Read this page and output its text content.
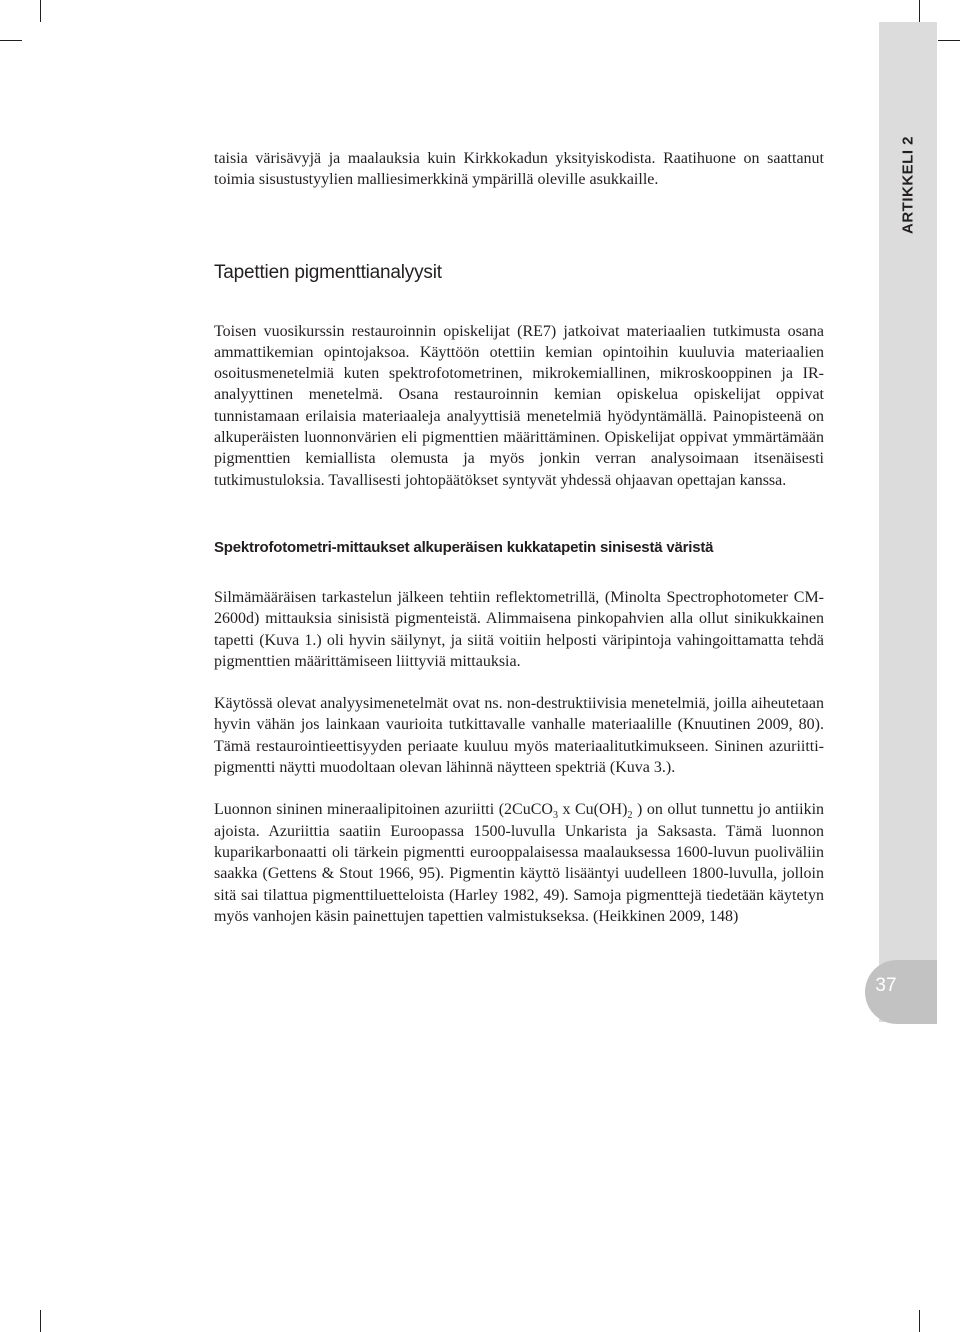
ARTIKKELI 2
37

taisia värisävyjä ja maalauksia kuin Kirkkokadun yksityiskodista. Raatihuone on saattanut toimia sisustustyylien malliesimerkkinä ympärillä oleville asukkaille.

Tapettien pigmenttianalyysit

Toisen vuosikurssin restauroinnin opiskelijat (RE7) jatkoivat materiaalien tutkimusta osana ammattikemian opintojaksoa. Käyttöön otettiin kemian opintoihin kuuluvia materiaalien osoitusmenetelmiä kuten spektrofotometrinen, mikrokemiallinen, mikroskooppinen ja IR-analyyttinen menetelmä. Osana restauroinnin kemian opiskelua opiskelijat oppivat tunnistamaan erilaisia materiaaleja analyyttisiä menetelmiä hyödyntämällä. Painopisteenä on alkuperäisten luonnonvärien eli pigmenttien määrittäminen. Opiskelijat oppivat ymmärtämään pigmenttien kemiallista olemusta ja myös jonkin verran analysoimaan itsenäisesti tutkimustuloksia. Tavallisesti johtopäätökset syntyvät yhdessä ohjaavan opettajan kanssa.

Spektrofotometri-mittaukset alkuperäisen kukkatapetin sinisestä väristä

Silmämääräisen tarkastelun jälkeen tehtiin reflektometrillä, (Minolta Spectrophotometer CM-2600d) mittauksia sinisistä pigmenteistä. Alimmaisena pinkopahvien alla ollut sinikukkainen tapetti (Kuva 1.) oli hyvin säilynyt, ja siitä voitiin helposti väripintoja vahingoittamatta tehdä pigmenttien määrittämiseen liittyviä mittauksia.

Käytössä olevat analyysimenetelmät ovat ns. non-destruktiivisia menetelmiä, joilla aiheutetaan hyvin vähän jos lainkaan vaurioita tutkittavalle vanhalle materiaalille (Knuutinen 2009, 80). Tämä restaurointieettisyyden periaate kuuluu myös materiaalitutkimukseen. Sininen azuriitti-pigmentti näytti muodoltaan olevan lähinnä näytteen spektriä (Kuva 3.).

Luonnon sininen mineraalipitoinen azuriitti (2CuCO$_3$ x $Cu(OH)_2$ ) on ollut tunnettu jo antiikin ajoista. Azuriittia saatiin Euroopassa 1500-luvulla Unkarista ja Saksasta. Tämä luonnon kuparikarbonaatti oli tärkein pigmentti eurooppalaisessa maalauksessa 1600-luvun puoliväliin saakka (Gettens & Stout 1966, 95). Pigmentin käyttö lisääntyi uudelleen 1800-luvulla, jolloin sitä sai tilattua pigmenttiluetteloista (Harley 1982, 49). Samoja pigmenttejä tiedetään käytetyn myös vanhojen käsin painettujen tapettien valmistukseksa. (Heikkinen 2009, 148)
